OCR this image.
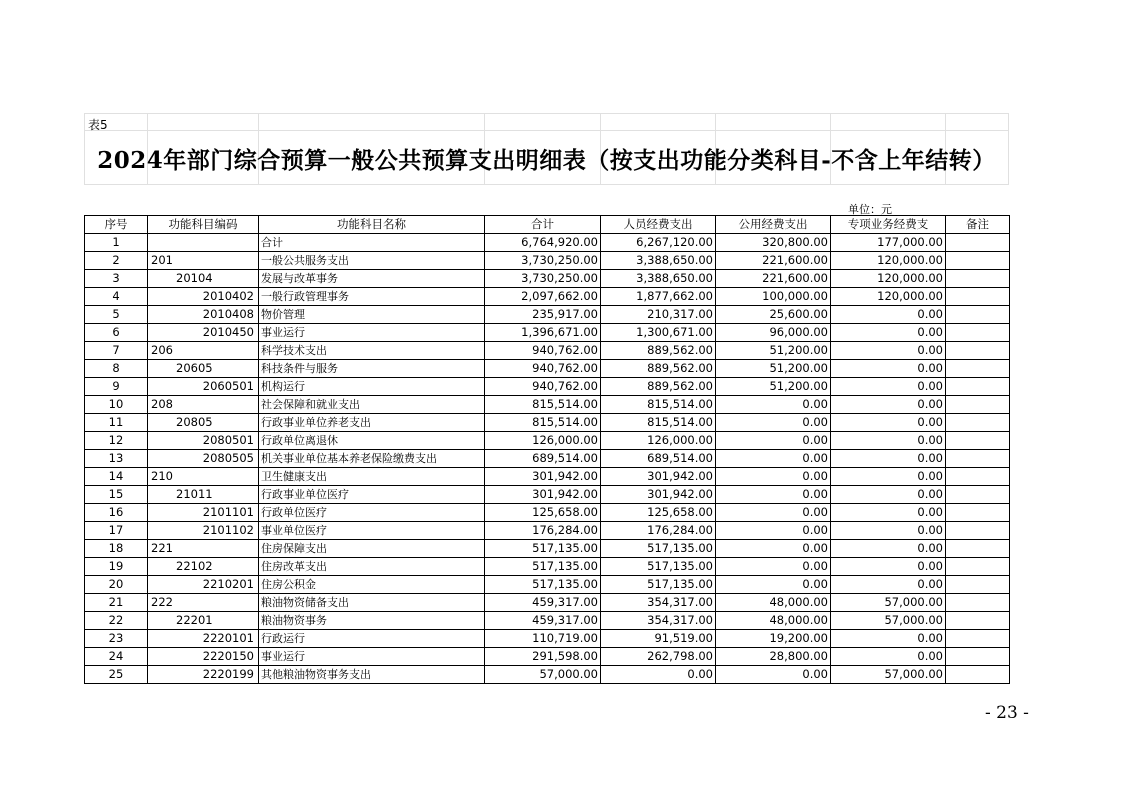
表5
2024年部门综合预算一般公共预算支出明细表（按支出功能分类科目-不含上年结转）
单位：元
序号	功能科目编码	功能科目名称	合计	人员经费支出	公用经费支出	专项业务经费支	备注
1		合计	6,764,920.00	6,267,120.00	320,800.00	177,000.00	
2	201	一般公共服务支出	3,730,250.00	3,388,650.00	221,600.00	120,000.00	
3	20104	发展与改革事务	3,730,250.00	3,388,650.00	221,600.00	120,000.00	
4	2010402	一般行政管理事务	2,097,662.00	1,877,662.00	100,000.00	120,000.00	
5	2010408	物价管理	235,917.00	210,317.00	25,600.00	0.00	
6	2010450	事业运行	1,396,671.00	1,300,671.00	96,000.00	0.00	
7	206	科学技术支出	940,762.00	889,562.00	51,200.00	0.00	
8	20605	科技条件与服务	940,762.00	889,562.00	51,200.00	0.00	
9	2060501	机构运行	940,762.00	889,562.00	51,200.00	0.00	
10	208	社会保障和就业支出	815,514.00	815,514.00	0.00	0.00	
11	20805	行政事业单位养老支出	815,514.00	815,514.00	0.00	0.00	
12	2080501	行政单位离退休	126,000.00	126,000.00	0.00	0.00	
13	2080505	机关事业单位基本养老保险缴费支出	689,514.00	689,514.00	0.00	0.00	
14	210	卫生健康支出	301,942.00	301,942.00	0.00	0.00	
15	21011	行政事业单位医疗	301,942.00	301,942.00	0.00	0.00	
16	2101101	行政单位医疗	125,658.00	125,658.00	0.00	0.00	
17	2101102	事业单位医疗	176,284.00	176,284.00	0.00	0.00	
18	221	住房保障支出	517,135.00	517,135.00	0.00	0.00	
19	22102	住房改革支出	517,135.00	517,135.00	0.00	0.00	
20	2210201	住房公积金	517,135.00	517,135.00	0.00	0.00	
21	222	粮油物资储备支出	459,317.00	354,317.00	48,000.00	57,000.00	
22	22201	粮油物资事务	459,317.00	354,317.00	48,000.00	57,000.00	
23	2220101	行政运行	110,719.00	91,519.00	19,200.00	0.00	
24	2220150	事业运行	291,598.00	262,798.00	28,800.00	0.00	
25	2220199	其他粮油物资事务支出	57,000.00	0.00	0.00	57,000.00	

- 23 -
